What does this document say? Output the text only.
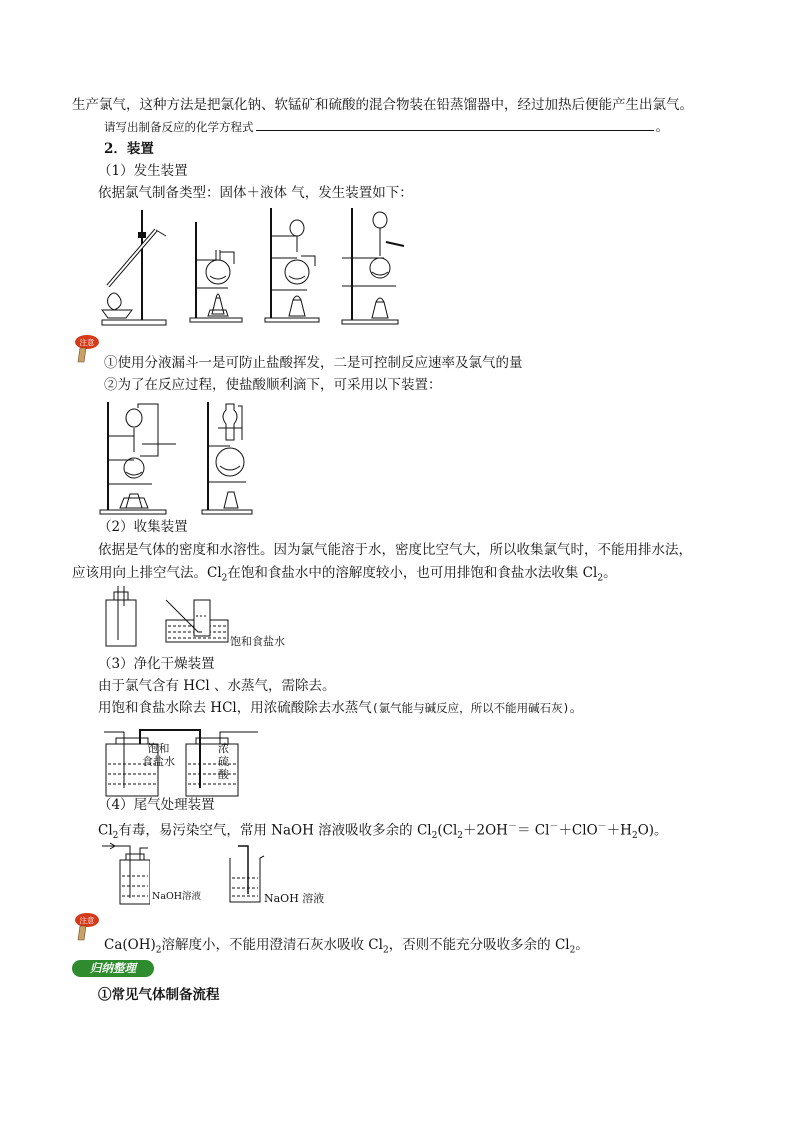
生产氯气，这种方法是把氯化钠、软锰矿和硫酸的混合物装在铅蒸馏器中，经过加热后便能产生出氯气。
请写出制备反应的化学方程式	。
2．装置
（1）发生装置
依据氯气制备类型：固体＋液体 气，发生装置如下：
注意
①使用分液漏斗一是可防止盐酸挥发，二是可控制反应速率及氯气的量
②为了在反应过程，使盐酸顺利滴下，可采用以下装置：
（2）收集装置
依据是气体的密度和水溶性。因为氯气能溶于水，密度比空气大，所以收集氯气时，不能用排水法，
应该用向上排空气法。$Cl_2$在饱和食盐水中的溶解度较小，也可用排饱和食盐水法收集 $Cl_2$。
饱和食盐水
（3）净化干燥装置
由于氯气含有 HCl 、水蒸气，需除去。
用饱和食盐水除去 HCl，用浓硫酸除去水蒸气(氯气能与碱反应，所以不能用碱石灰)。
饱和
食盐水
浓
硫
酸
（4）尾气处理装置
$Cl_2$有毒，易污染空气，常用 NaOH 溶液吸收多余的 $Cl_2(Cl_2+2OH^-= Cl^-+ClO^-+H_2O)$。
NaOH溶液	NaOH 溶液
注意
$Ca(OH)_2$溶解度小，不能用澄清石灰水吸收 $Cl_2$，否则不能充分吸收多余的 $Cl_2$。
归纳整理
①常见气体制备流程
